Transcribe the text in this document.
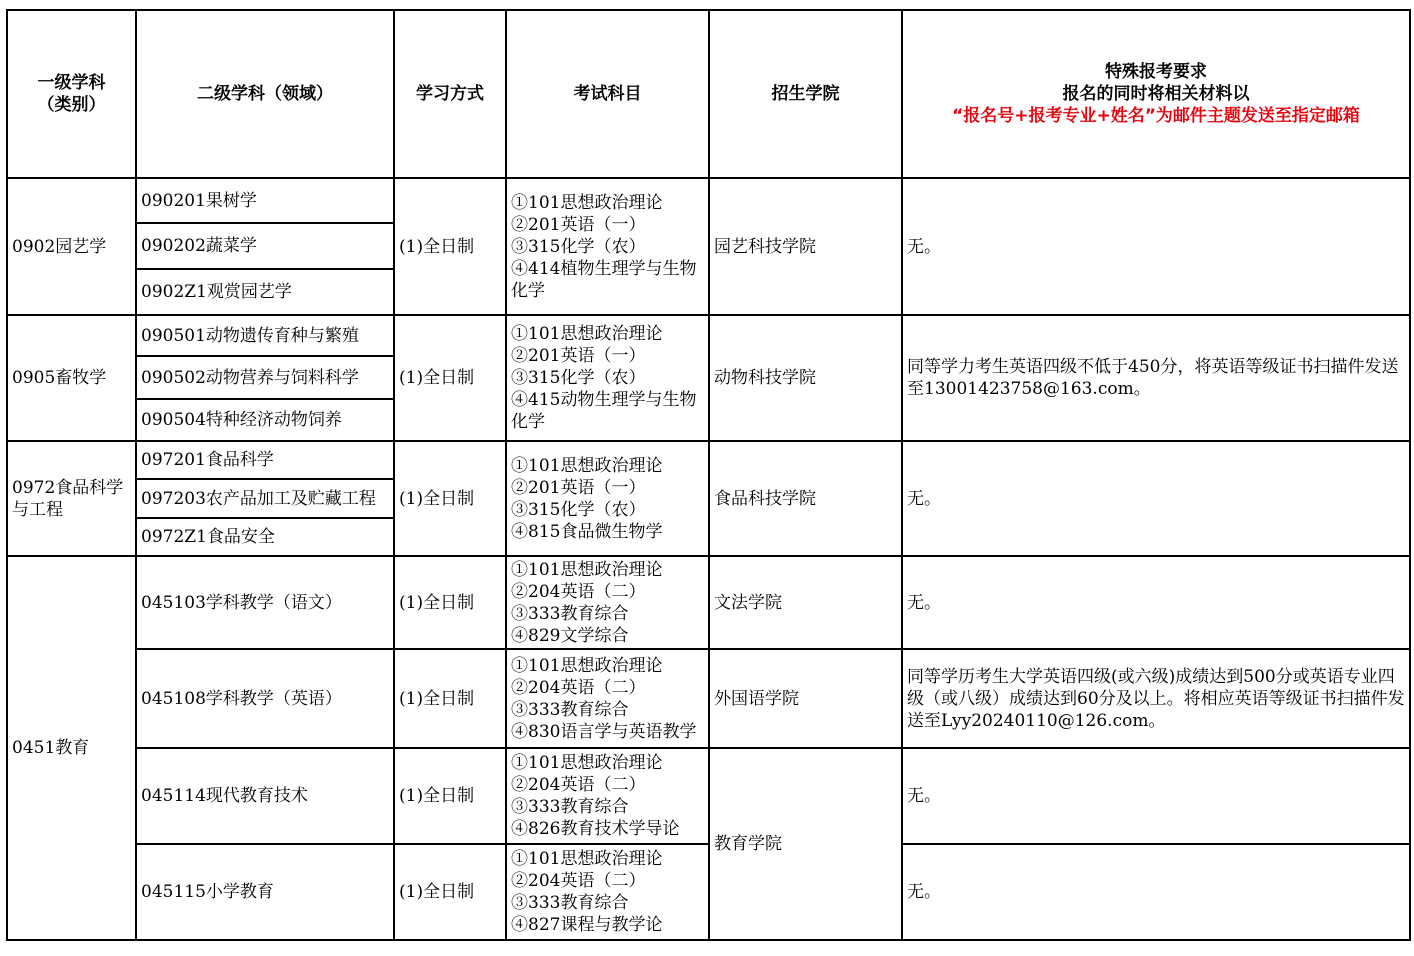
一级学科
（类别）	二级学科（领域）	学习方式	考试科目	招生学院	特殊报考要求
报名的同时将相关材料以
“报名号+报考专业+姓名”为邮件主题发送至指定邮箱

0902园艺学	090201果树学	(1)全日制	①101思想政治理论
②201英语（一）
③315化学（农）
④414植物生理学与生物化学	园艺科技学院	无。
	090202蔬菜学				
	0902Z1观赏园艺学				
0905畜牧学	090501动物遗传育种与繁殖	(1)全日制	①101思想政治理论
②201英语（一）
③315化学（农）
④415动物生理学与生物化学	动物科技学院	同等学力考生英语四级不低于450分，将英语等级证书扫描件发送至13001423758@163.com。
	090502动物营养与饲料科学				
	090504特种经济动物饲养				
0972食品科学与工程	097201食品科学	(1)全日制	①101思想政治理论
②201英语（一）
③315化学（农）
④815食品微生物学	食品科技学院	无。
	097203农产品加工及贮藏工程				
	0972Z1食品安全				
0451教育	045103学科教学（语文）	(1)全日制	①101思想政治理论
②204英语（二）
③333教育综合
④829文学综合	文法学院	无。
	045108学科教学（英语）	(1)全日制	①101思想政治理论
②204英语（二）
③333教育综合
④830语言学与英语教学	外国语学院	同等学历考生大学英语四级(或六级)成绩达到500分或英语专业四级（或八级）成绩达到60分及以上。将相应英语等级证书扫描件发送至Lyy20240110@126.com。
	045114现代教育技术	(1)全日制	①101思想政治理论
②204英语（二）
③333教育综合
④826教育技术学导论	教育学院	无。
	045115小学教育	(1)全日制	①101思想政治理论
②204英语（二）
③333教育综合
④827课程与教学论		无。
